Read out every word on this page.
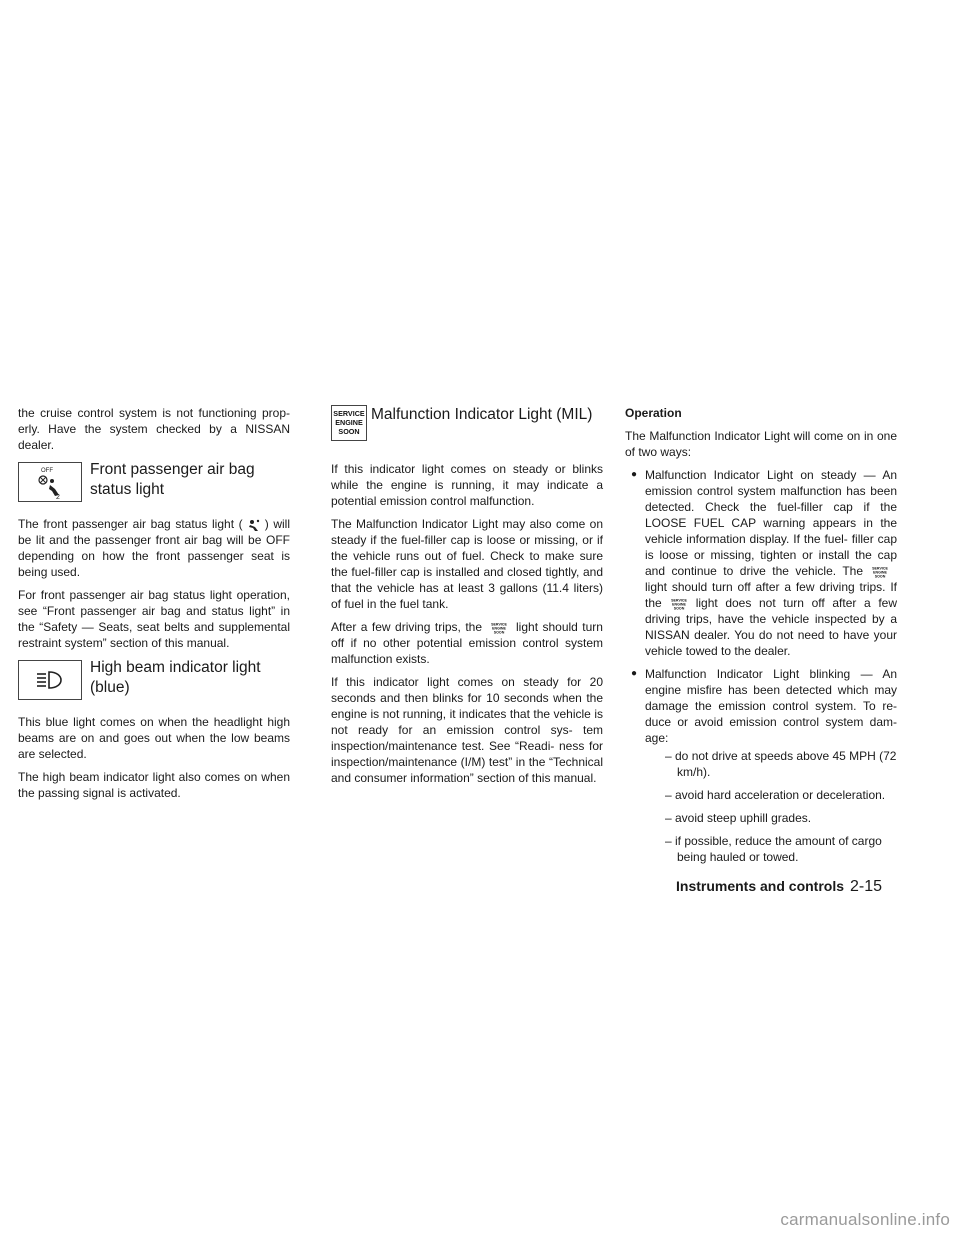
the cruise control system is not functioning prop- erly. Have the system checked by a NISSAN dealer.

OFF
2
Front passenger air bag status light

The front passenger air bag status light ( ) will be lit and the passenger front air bag will be OFF depending on how the front passenger seat is being used.

For front passenger air bag status light operation, see “Front passenger air bag and status light” in the “Safety — Seats, seat belts and supplemental restraint system” section of this manual.

High beam indicator light (blue)

This blue light comes on when the headlight high beams are on and goes out when the low beams are selected.

The high beam indicator light also comes on when the passing signal is activated.

SERVICE
ENGINE
SOON
Malfunction Indicator Light (MIL)

If this indicator light comes on steady or blinks while the engine is running, it may indicate a potential emission control malfunction.

The Malfunction Indicator Light may also come on steady if the fuel-filler cap is loose or missing, or if the vehicle runs out of fuel. Check to make sure the fuel-filler cap is installed and closed tightly, and that the vehicle has at least 3 gallons (11.4 liters) of fuel in the fuel tank.

After a few driving trips, the	SERVICE
ENGINE
SOON light should turn off if no other potential emission control system malfunction exists.

If this indicator light comes on steady for 20 seconds and then blinks for 10 seconds when the engine is not running, it indicates that the vehicle is not ready for an emission control sys- tem inspection/maintenance test. See “Readi- ness for inspection/maintenance (I/M) test” in the “Technical and consumer information” section of this manual.

Operation

The Malfunction Indicator Light will come on in one of two ways:

● Malfunction Indicator Light on steady — An emission control system malfunction has been detected. Check the fuel-filler cap if the LOOSE FUEL CAP warning appears in the vehicle information display. If the fuel- filler cap is loose or missing, tighten or install the cap and continue to drive the vehicle. The	SERVICE
ENGINE
SOON
light should turn off after a few driving trips. If the	SERVICE
ENGINE
SOON light does not turn off after a few driving trips, have the vehicle inspected by a NISSAN dealer. You do not need to have your vehicle towed to the dealer.
● Malfunction Indicator Light blinking — An engine misfire has been detected which may damage the emission control system. To re- duce or avoid emission control system dam- age:
– do not drive at speeds above 45 MPH (72 km/h).
– avoid hard acceleration or deceleration.
– avoid steep uphill grades.
– if possible, reduce the amount of cargo being hauled or towed.
Instruments and controls 2-15
carmanualsonline.info
